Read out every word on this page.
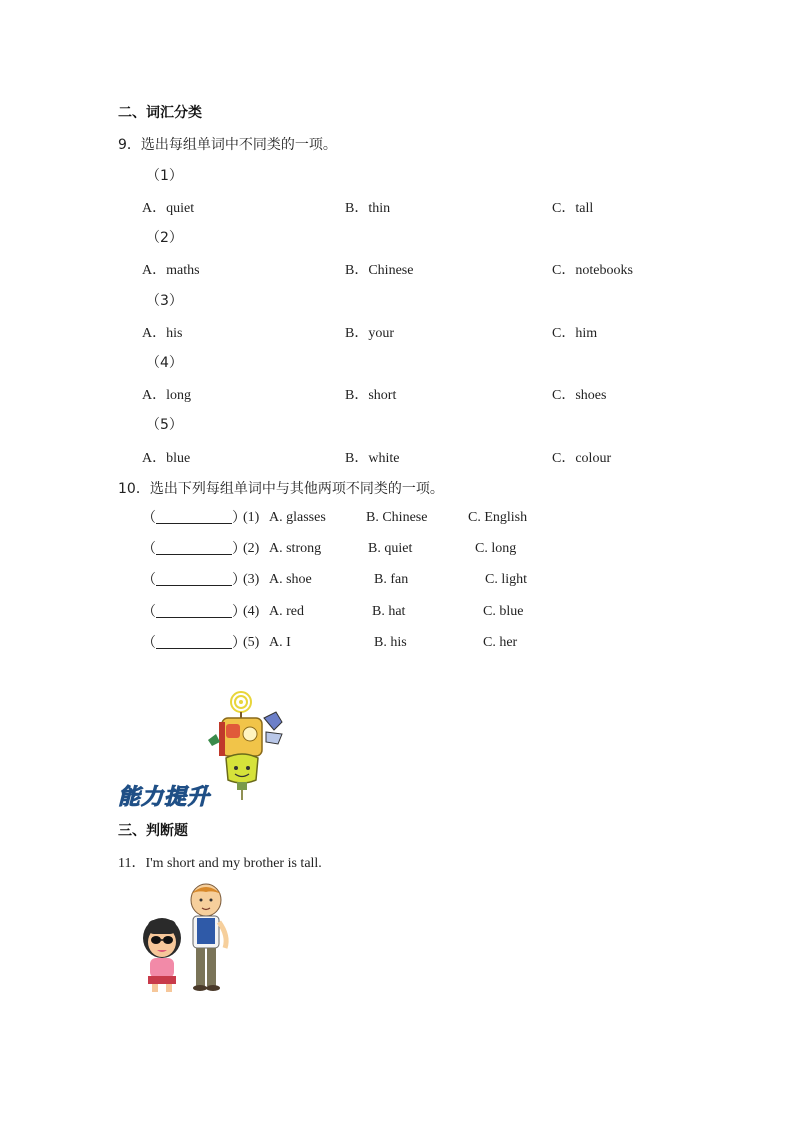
二、词汇分类
9．选出每组单词中不同类的一项。
（1）
A．quiet	B．thin	C．tall
（2）
A．maths	B．Chinese	C．notebooks
（3）
A．his	B．your	C．him
（4）
A．long	B．short	C．shoes
（5）
A．blue	B．white	C．colour
10．选出下列每组单词中与其他两项不同类的一项。
（	）
(1) A. glasses	B. Chinese	C. English
（	）
(2) A. strong	B. quiet	C. long
（	）
(3) A. shoe	B. fan	C. light
（	）
(4) A. red	B. hat	C. blue
（	）
(5) A. I	B. his	C. her
能力提升
三、判断题
11．I'm short and my brother is tall.
